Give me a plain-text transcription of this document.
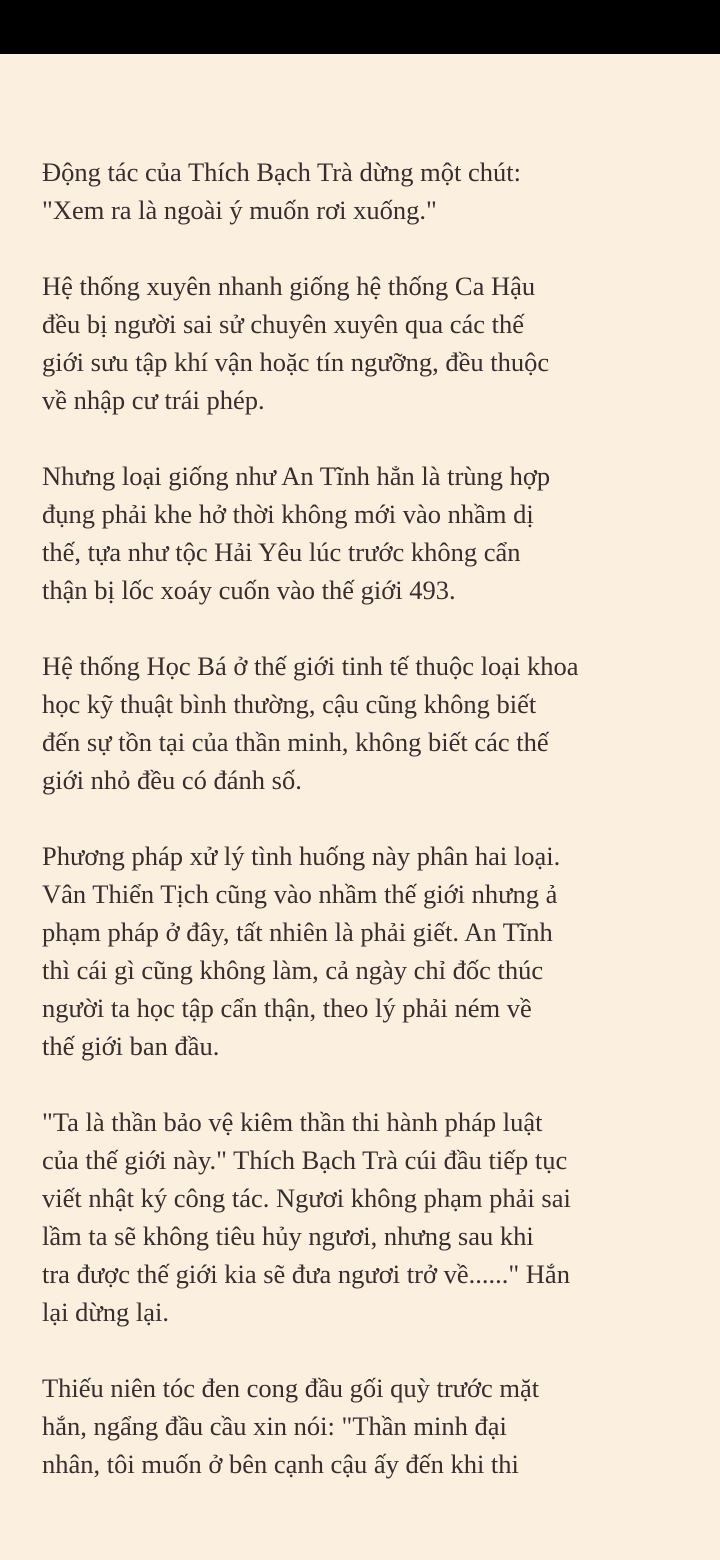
Động tác của Thích Bạch Trà dừng một chút:
"Xem ra là ngoài ý muốn rơi xuống."

Hệ thống xuyên nhanh giống hệ thống Ca Hậu
đều bị người sai sử chuyên xuyên qua các thế
giới sưu tập khí vận hoặc tín ngưỡng, đều thuộc
về nhập cư trái phép.

Nhưng loại giống như An Tĩnh hẳn là trùng hợp
đụng phải khe hở thời không mới vào nhầm dị
thế, tựa như tộc Hải Yêu lúc trước không cẩn
thận bị lốc xoáy cuốn vào thế giới 493.

Hệ thống Học Bá ở thế giới tinh tế thuộc loại khoa
học kỹ thuật bình thường, cậu cũng không biết
đến sự tồn tại của thần minh, không biết các thế
giới nhỏ đều có đánh số.

Phương pháp xử lý tình huống này phân hai loại.
Vân Thiển Tịch cũng vào nhầm thế giới nhưng ả
phạm pháp ở đây, tất nhiên là phải giết. An Tĩnh
thì cái gì cũng không làm, cả ngày chỉ đốc thúc
người ta học tập cẩn thận, theo lý phải ném về
thế giới ban đầu.

"Ta là thần bảo vệ kiêm thần thi hành pháp luật
của thế giới này." Thích Bạch Trà cúi đầu tiếp tục
viết nhật ký công tác. Ngươi không phạm phải sai
lầm ta sẽ không tiêu hủy ngươi, nhưng sau khi
tra được thế giới kia sẽ đưa ngươi trở về......" Hắn
lại dừng lại.

Thiếu niên tóc đen cong đầu gối quỳ trước mặt
hắn, ngẩng đầu cầu xin nói: "Thần minh đại
nhân, tôi muốn ở bên cạnh cậu ấy đến khi thi
